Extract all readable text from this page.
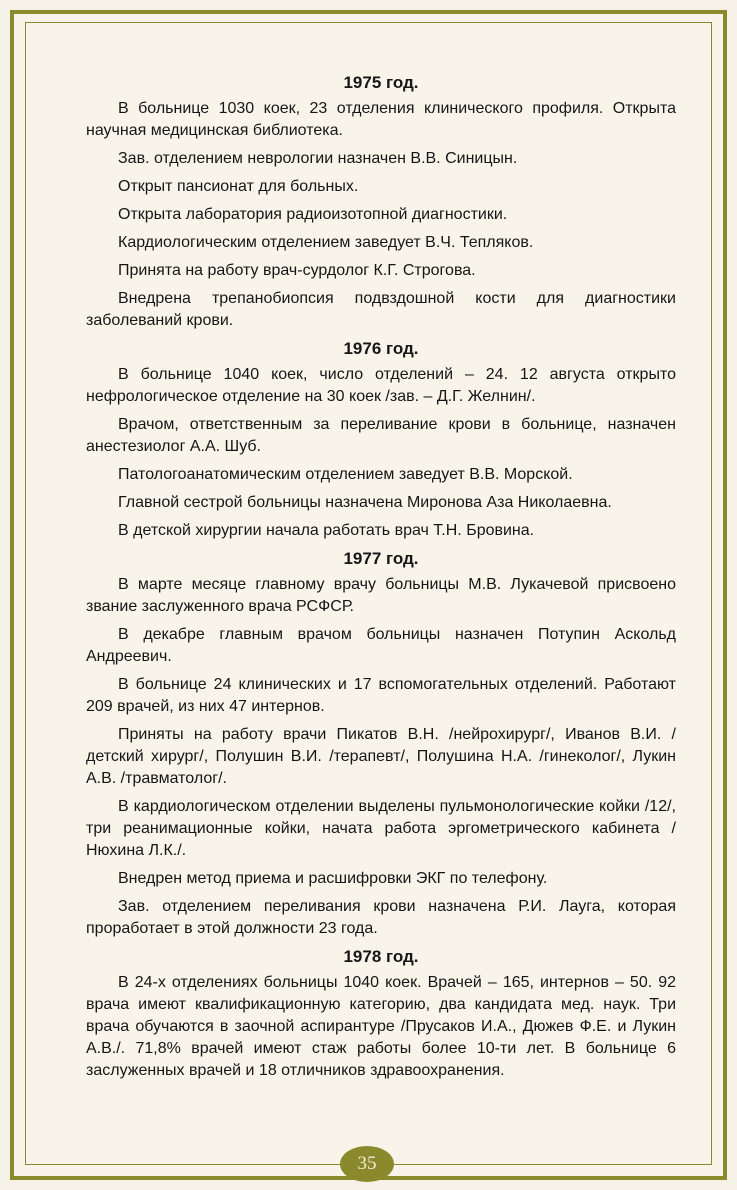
1975 год.

В больнице 1030 коек, 23 отделения клинического профиля. Открыта научная медицинская библиотека.

Зав. отделением неврологии назначен В.В. Синицын.

Открыт пансионат для больных.

Открыта лаборатория радиоизотопной диагностики.

Кардиологическим отделением заведует В.Ч. Тепляков.

Принята на работу врач-сурдолог К.Г. Строгова.

Внедрена трепанобиопсия подвздошной кости для диагностики заболеваний крови.

1976 год.

В больнице 1040 коек, число отделений – 24. 12 августа открыто нефрологическое отделение на 30 коек /зав. – Д.Г. Желнин/.

Врачом, ответственным за переливание крови в больнице, назначен анестезиолог А.А. Шуб.

Патологоанатомическим отделением заведует В.В. Морской.

Главной сестрой больницы назначена Миронова Аза Николаевна.

В детской хирургии начала работать врач Т.Н. Бровина.

1977 год.

В марте месяце главному врачу больницы М.В. Лукачевой присвоено звание заслуженного врача РСФСР.

В декабре главным врачом больницы назначен Потупин Аскольд Андреевич.

В больнице 24 клинических и 17 вспомогательных отделений. Работают 209 врачей, из них 47 интернов.

Приняты на работу врачи Пикатов В.Н. /нейрохирург/, Иванов В.И. /детский хирург/, Полушин В.И. /терапевт/, Полушина Н.А. /гинеколог/, Лукин А.В. /травматолог/.

В кардиологическом отделении выделены пульмонологические койки /12/, три реанимационные койки, начата работа эргометрического кабинета /Нюхина Л.К./.

Внедрен метод приема и расшифровки ЭКГ по телефону.

Зав. отделением переливания крови назначена Р.И. Лауга, которая проработает в этой должности 23 года.

1978 год.

В 24-х отделениях больницы 1040 коек. Врачей – 165, интернов – 50. 92 врача имеют квалификационную категорию, два кандидата мед. наук. Три врача обучаются в заочной аспирантуре /Прусаков И.А., Дюжев Ф.Е. и Лукин А.В./. 71,8% врачей имеют стаж работы более 10-ти лет. В больнице 6 заслуженных врачей и 18 отличников здравоохранения.

35
